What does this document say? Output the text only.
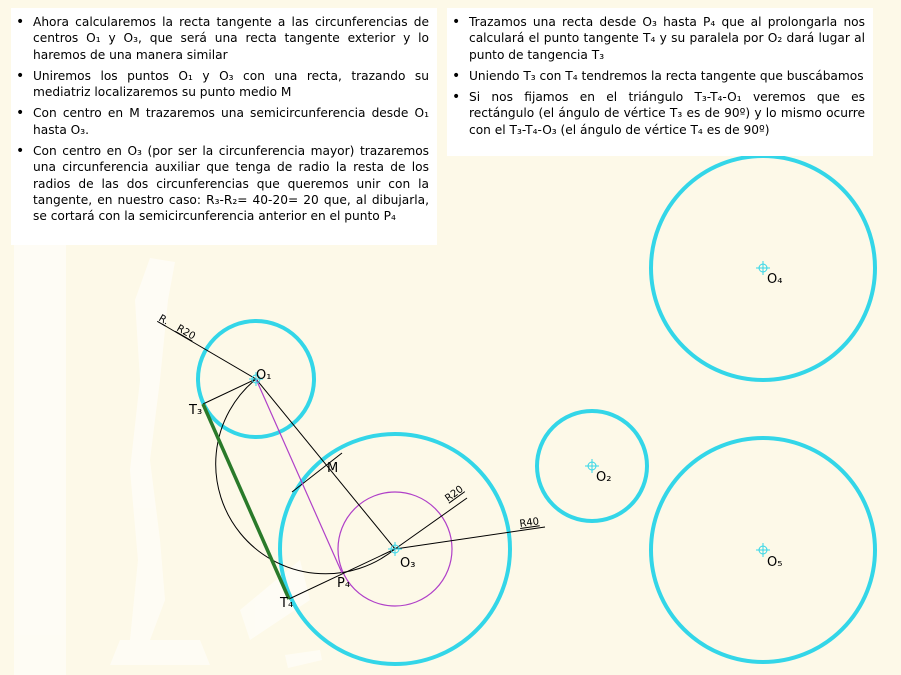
O₁
O₂
O₃
O₄
O₅
T₃
T₄
P₄
M
R.
R20
R20
R40
• Ahora calcularemos la recta tangente a las circunferencias de centros O₁ y O₃, que será una recta tangente exterior y lo haremos de una manera similar
• Uniremos los puntos O₁ y O₃ con una recta, trazando su mediatriz localizaremos su punto medio M
• Con centro en M trazaremos una semicircunferencia desde O₁ hasta O₃.
• Con centro en O₃ (por ser la circunferencia mayor) trazaremos una circunferencia auxiliar que tenga de radio la resta de los radios de las dos circunferencias que queremos unir con la tangente, en nuestro caso: R₃-R₂= 40-20= 20 que, al dibujarla, se cortará con la semicircunferencia anterior en el punto P₄
• Trazamos una recta desde O₃ hasta P₄ que al prolongarla nos calculará el punto tangente T₄ y su paralela por O₂ dará lugar al punto de tangencia T₃
• Uniendo T₃ con T₄ tendremos la recta tangente que buscábamos
• Si nos fijamos en el triángulo T₃-T₄-O₁ veremos que es rectángulo (el ángulo de vértice T₃ es de 90º) y lo mismo ocurre con el T₃-T₄-O₃ (el ángulo de vértice T₄ es de 90º)
